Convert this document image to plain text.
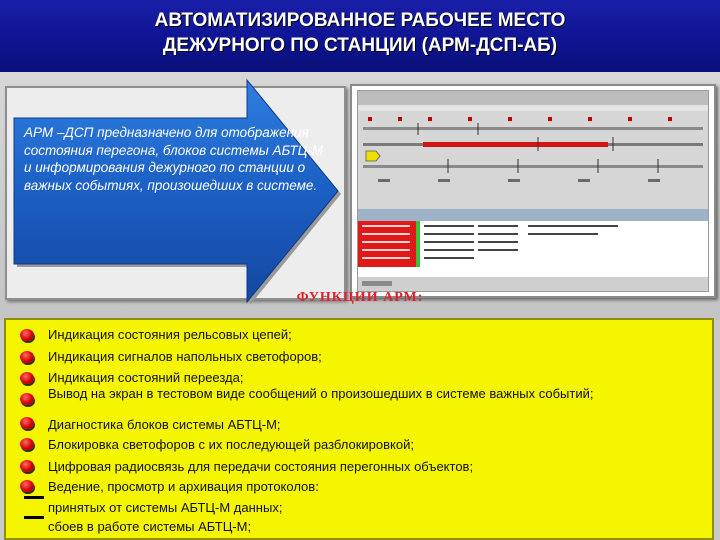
АВТОМАТИЗИРОВАННОЕ РАБОЧЕЕ МЕСТО
ДЕЖУРНОГО ПО СТАНЦИИ (АРМ-ДСП-АБ)
АРМ –ДСП предназначено для отображения состояния перегона, блоков системы АБТЦ-М и информирования дежурного по станции о важных событиях, произошедших в системе.
ФУНКЦИИ АРМ:
Индикация состояния рельсовых цепей;
Индикация сигналов напольных светофоров;
Индикация состояний переезда;
Вывод на экран в тестовом виде сообщений о произошедших в системе важных событий;
Диагностика блоков системы АБТЦ-М;
Блокировка светофоров с их последующей разблокировкой;
Цифровая радиосвязь для передачи состояния перегонных объектов;
Ведение, просмотр и архивация протоколов:
принятых от системы АБТЦ-М данных;
сбоев в работе системы АБТЦ-М;
